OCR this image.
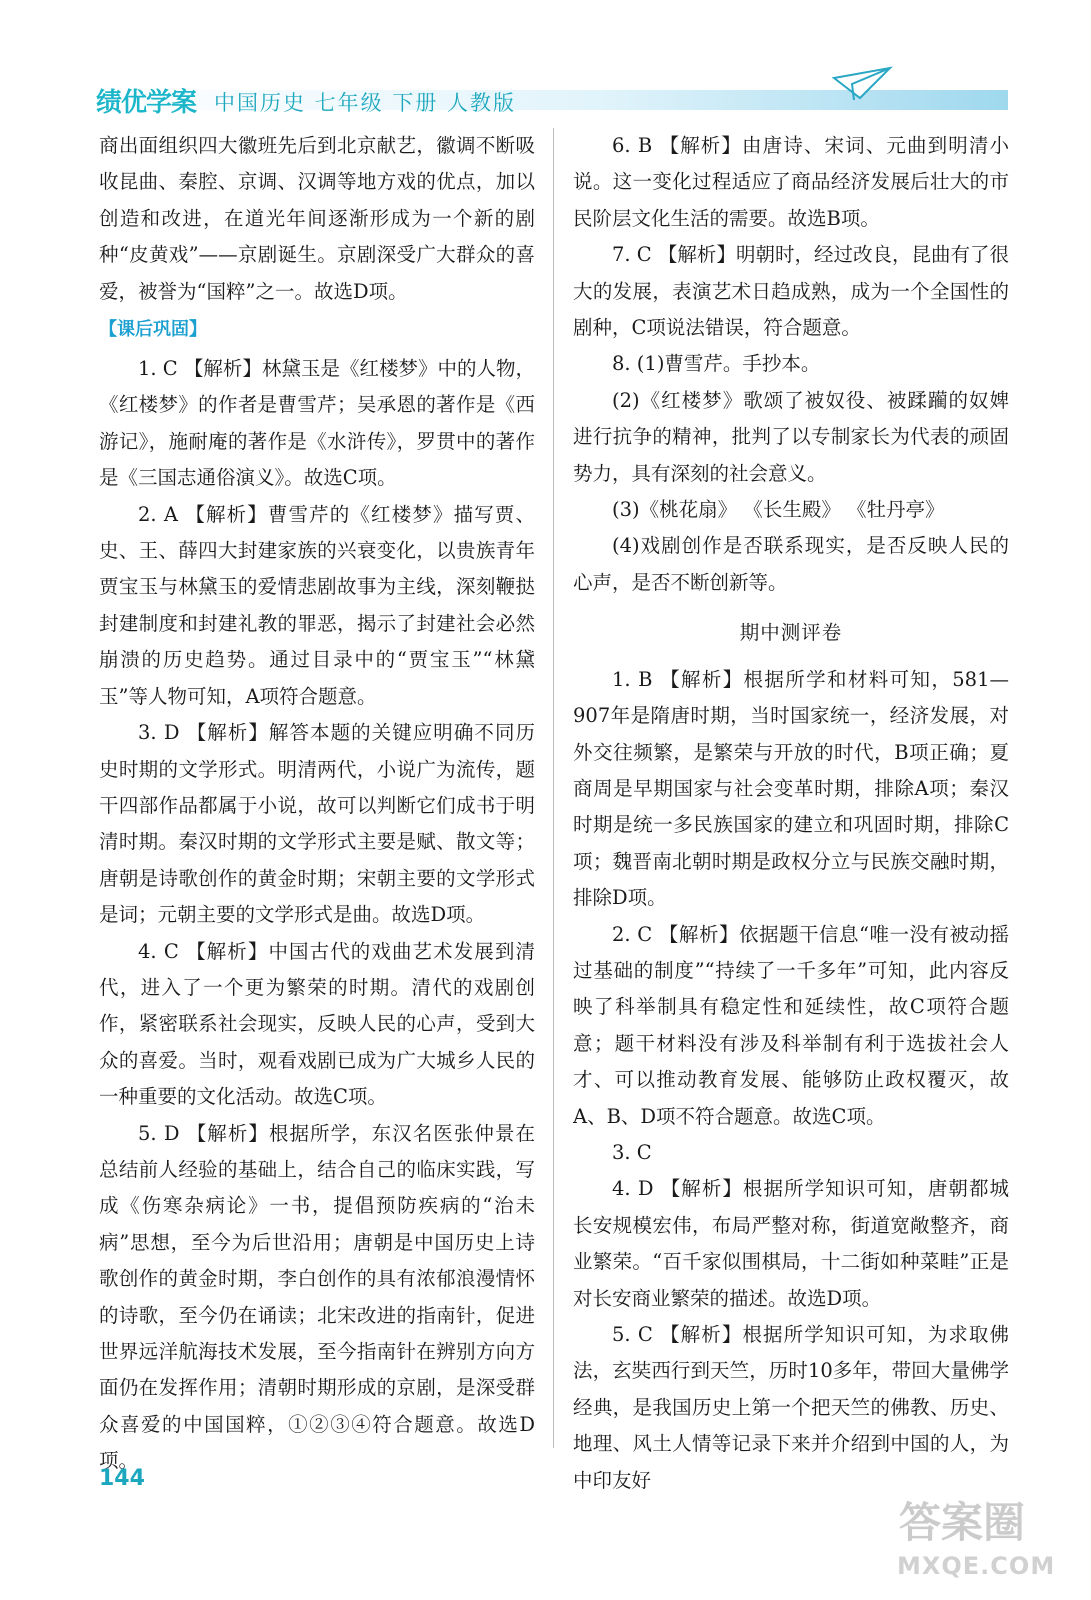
绩优学案 中国历史 七年级 下册 人教版

商出面组织四大徽班先后到北京献艺，徽调不断吸收昆曲、秦腔、京调、汉调等地方戏的优点，加以创造和改进，在道光年间逐渐形成为一个新的剧种“皮黄戏”——京剧诞生。京剧深受广大群众的喜爱，被誉为“国粹”之一。故选D项。

【课后巩固】

1. C 【解析】林黛玉是《红楼梦》中的人物，《红楼梦》的作者是曹雪芹；吴承恩的著作是《西游记》，施耐庵的著作是《水浒传》，罗贯中的著作是《三国志通俗演义》。故选C项。

2. A 【解析】曹雪芹的《红楼梦》描写贾、史、王、薛四大封建家族的兴衰变化，以贵族青年贾宝玉与林黛玉的爱情悲剧故事为主线，深刻鞭挞封建制度和封建礼教的罪恶，揭示了封建社会必然崩溃的历史趋势。通过目录中的“贾宝玉”“林黛玉”等人物可知，A项符合题意。

3. D 【解析】解答本题的关键应明确不同历史时期的文学形式。明清两代，小说广为流传，题干四部作品都属于小说，故可以判断它们成书于明清时期。秦汉时期的文学形式主要是赋、散文等；唐朝是诗歌创作的黄金时期；宋朝主要的文学形式是词；元朝主要的文学形式是曲。故选D项。

4. C 【解析】中国古代的戏曲艺术发展到清代，进入了一个更为繁荣的时期。清代的戏剧创作，紧密联系社会现实，反映人民的心声，受到大众的喜爱。当时，观看戏剧已成为广大城乡人民的一种重要的文化活动。故选C项。

5. D 【解析】根据所学，东汉名医张仲景在总结前人经验的基础上，结合自己的临床实践，写成《伤寒杂病论》一书，提倡预防疾病的“治未病”思想，至今为后世沿用；唐朝是中国历史上诗歌创作的黄金时期，李白创作的具有浓郁浪漫情怀的诗歌，至今仍在诵读；北宋改进的指南针，促进世界远洋航海技术发展，至今指南针在辨别方向方面仍在发挥作用；清朝时期形成的京剧，是深受群众喜爱的中国国粹，①②③④符合题意。故选D项。

6. B 【解析】由唐诗、宋词、元曲到明清小说。这一变化过程适应了商品经济发展后壮大的市民阶层文化生活的需要。故选B项。

7. C 【解析】明朝时，经过改良，昆曲有了很大的发展，表演艺术日趋成熟，成为一个全国性的剧种，C项说法错误，符合题意。

8. (1)曹雪芹。手抄本。

(2)《红楼梦》歌颂了被奴役、被蹂躏的奴婢进行抗争的精神，批判了以专制家长为代表的顽固势力，具有深刻的社会意义。

(3)《桃花扇》 《长生殿》 《牡丹亭》

(4)戏剧创作是否联系现实，是否反映人民的心声，是否不断创新等。

期中测评卷

1. B 【解析】根据所学和材料可知，581—907年是隋唐时期，当时国家统一，经济发展，对外交往频繁，是繁荣与开放的时代，B项正确；夏商周是早期国家与社会变革时期，排除A项；秦汉时期是统一多民族国家的建立和巩固时期，排除C项；魏晋南北朝时期是政权分立与民族交融时期，排除D项。

2. C 【解析】依据题干信息“唯一没有被动摇过基础的制度”“持续了一千多年”可知，此内容反映了科举制具有稳定性和延续性，故C项符合题意；题干材料没有涉及科举制有利于选拔社会人才、可以推动教育发展、能够防止政权覆灭，故A、B、D项不符合题意。故选C项。

3. C

4. D 【解析】根据所学知识可知，唐朝都城长安规模宏伟，布局严整对称，街道宽敞整齐，商业繁荣。“百千家似围棋局，十二街如种菜畦”正是对长安商业繁荣的描述。故选D项。

5. C 【解析】根据所学知识可知，为求取佛法，玄奘西行到天竺，历时10多年，带回大量佛学经典，是我国历史上第一个把天竺的佛教、历史、地理、风土人情等记录下来并介绍到中国的人，为中印友好

144
答案圈
MXQE.COM
